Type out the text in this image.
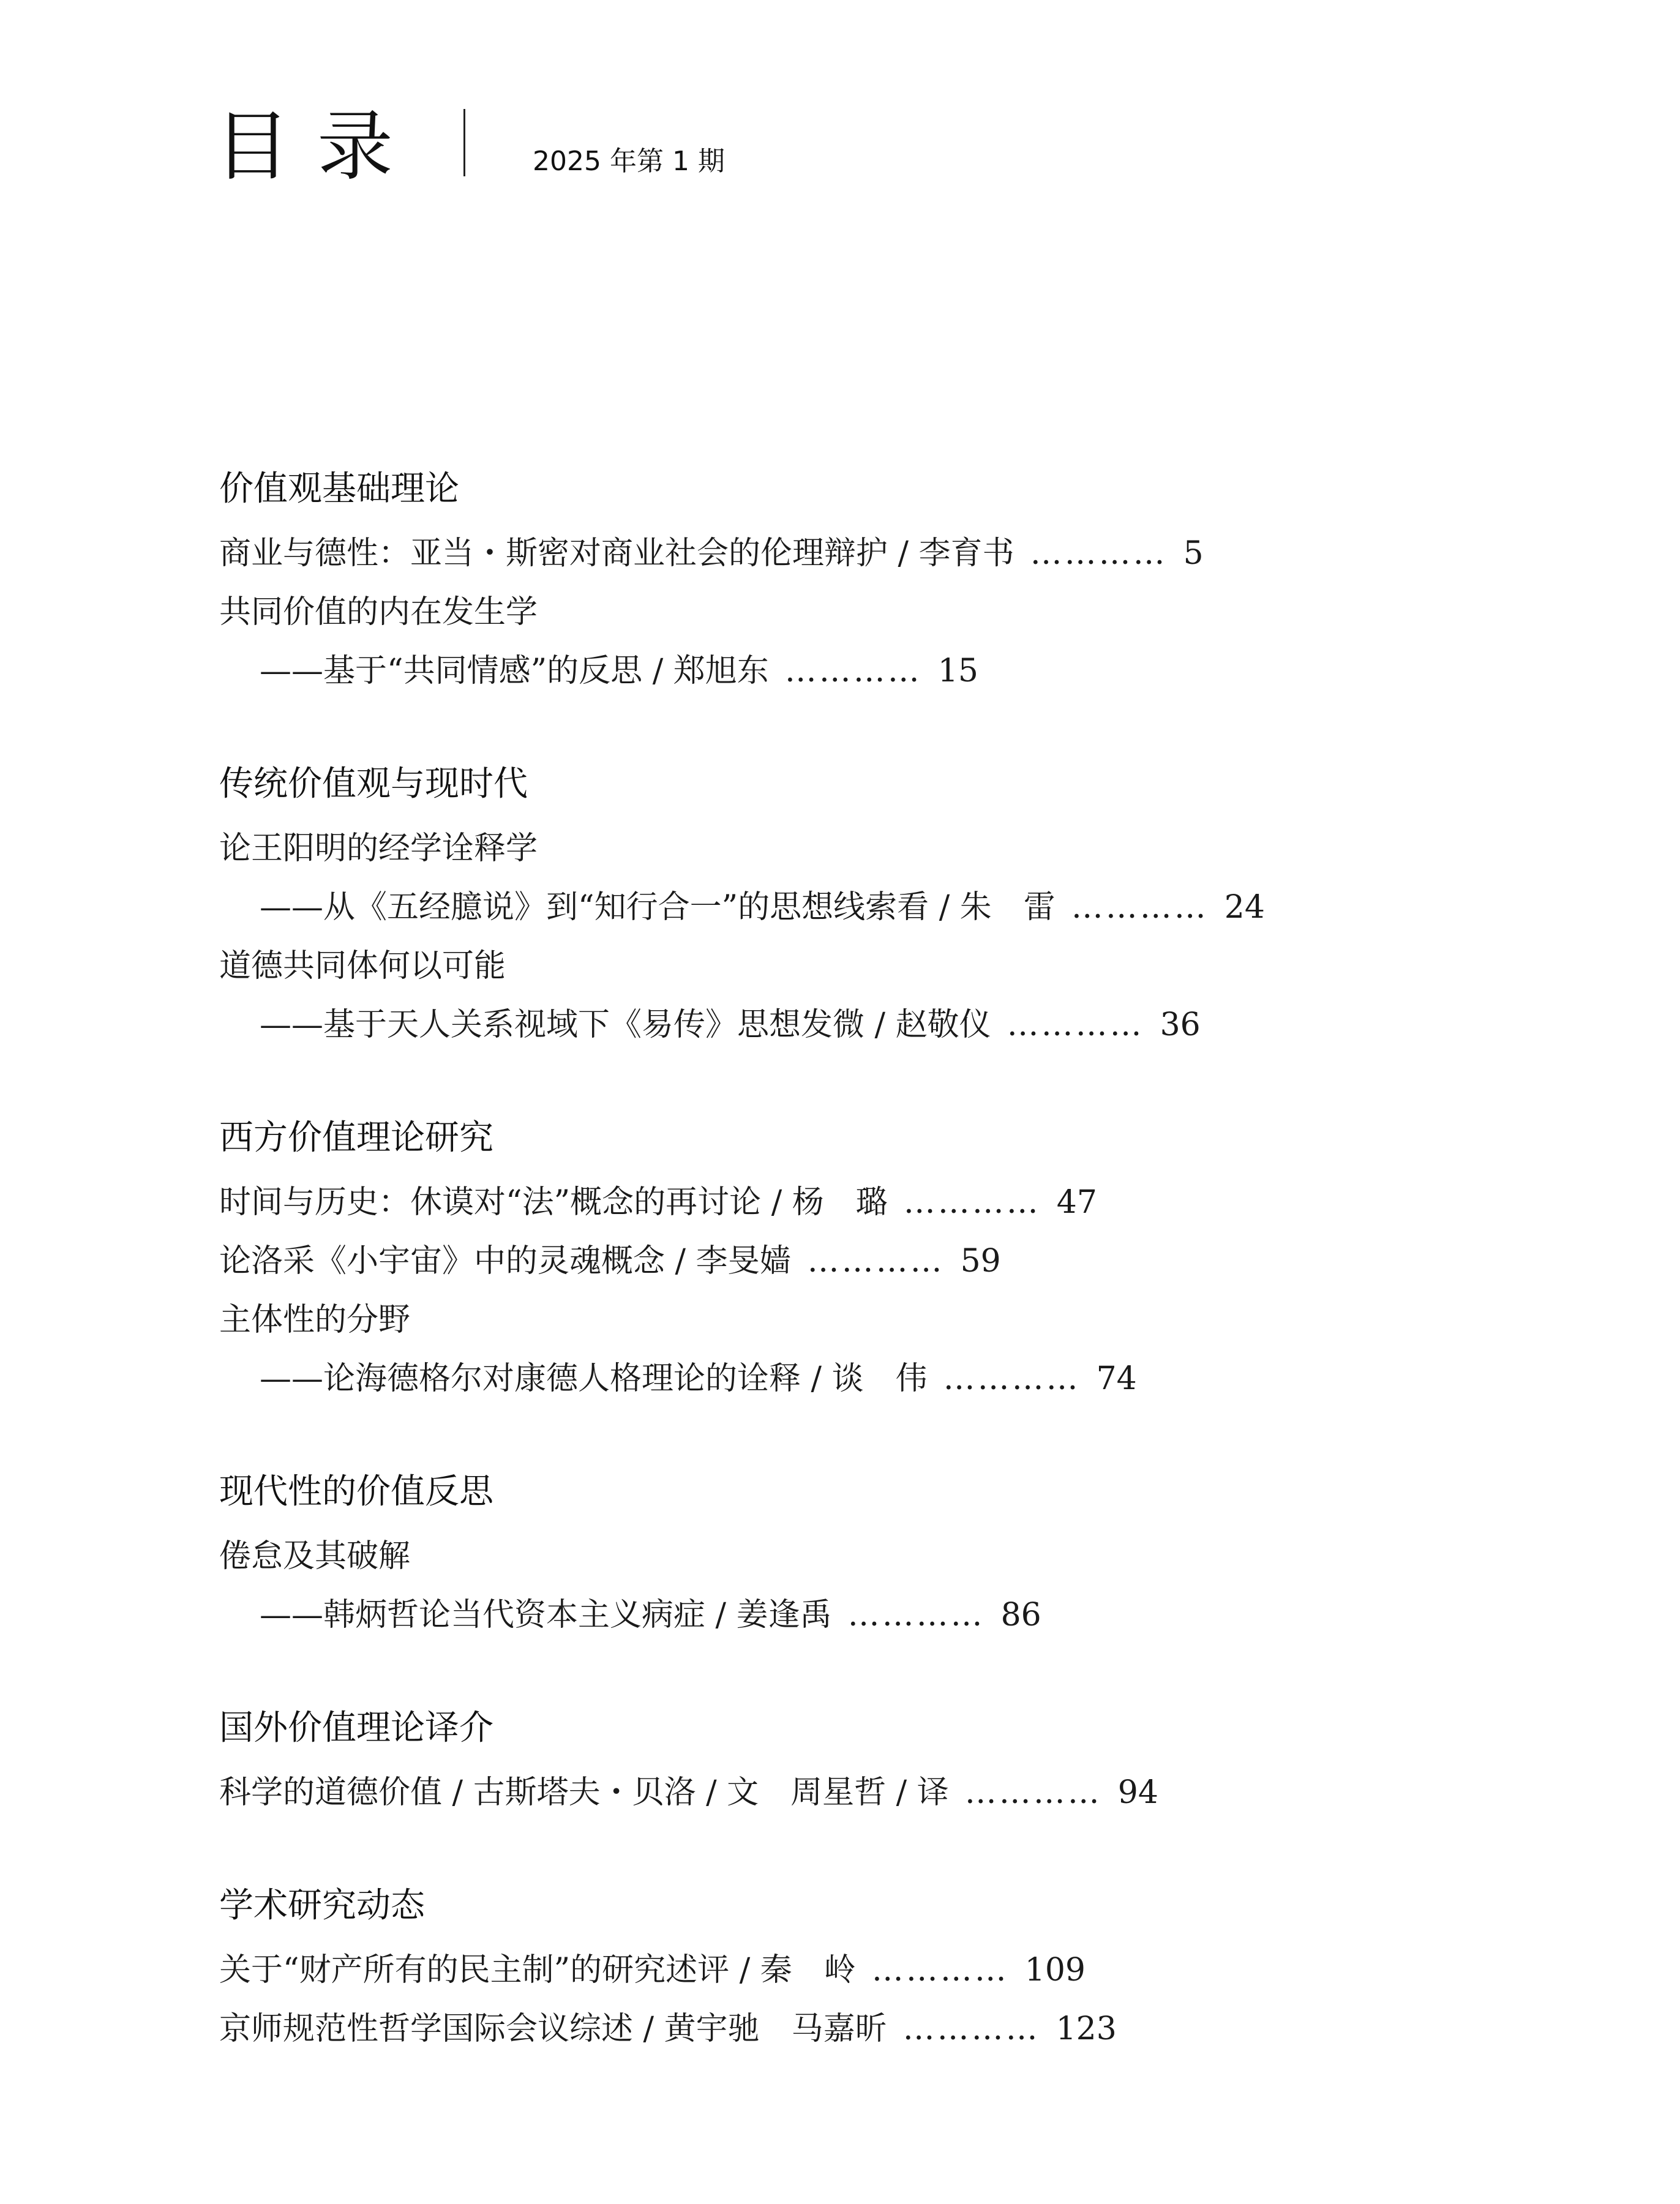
目录	2025 年第 1 期
价值观基础理论
商业与德性：亚当・斯密对商业社会的伦理辩护 / 李育书 ………… 5
共同价值的内在发生学
——基于“共同情感”的反思 / 郑旭东 ………… 15
传统价值观与现时代
论王阳明的经学诠释学
——从《五经臆说》到“知行合一”的思想线索看 / 朱　雷 ………… 24
道德共同体何以可能
——基于天人关系视域下《易传》思想发微 / 赵敬仪 ………… 36
西方价值理论研究
时间与历史：休谟对“法”概念的再讨论 / 杨　璐 ………… 47
论洛采《小宇宙》中的灵魂概念 / 李旻嫱 ………… 59
主体性的分野
——论海德格尔对康德人格理论的诠释 / 谈　伟 ………… 74
现代性的价值反思
倦怠及其破解
——韩炳哲论当代资本主义病症 / 姜逢禹 ………… 86
国外价值理论译介
科学的道德价值 / 古斯塔夫・贝洛 / 文　周星哲 / 译 ………… 94
学术研究动态
关于“财产所有的民主制”的研究述评 / 秦　岭 ………… 109
京师规范性哲学国际会议综述 / 黄宇驰　马嘉昕 ………… 123
